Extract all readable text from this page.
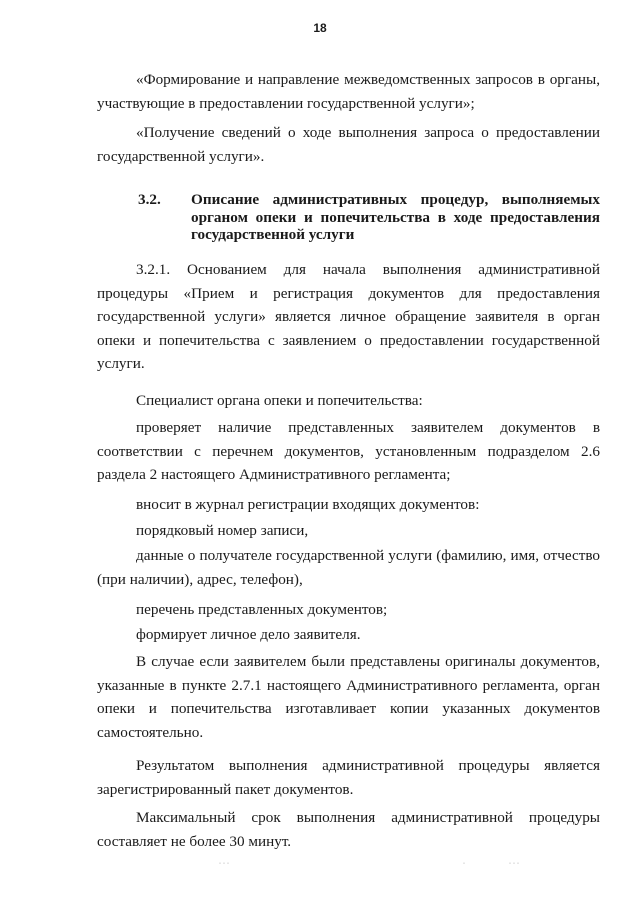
18
«Формирование и направление межведомственных запросов в органы, участвующие в предоставлении государственной услуги»;
«Получение сведений о ходе выполнения запроса о предоставлении государственной услуги».
3.2. Описание административных процедур, выполняемых органом опеки и попечительства в ходе предоставления государственной услуги
3.2.1. Основанием для начала выполнения административной процедуры «Прием и регистрация документов для предоставления государственной услуги» является личное обращение заявителя в орган опеки и попечительства с заявлением о предоставлении государственной услуги.
Специалист органа опеки и попечительства:
проверяет наличие представленных заявителем документов в соответствии с перечнем документов, установленным подразделом 2.6 раздела 2 настоящего Административного регламента;
вносит в журнал регистрации входящих документов:
порядковый номер записи,
данные о получателе государственной услуги (фамилию, имя, отчество (при наличии), адрес, телефон),
перечень представленных документов;
формирует личное дело заявителя.
В случае если заявителем были представлены оригиналы документов, указанные в пункте 2.7.1 настоящего Административного регламента, орган опеки и попечительства изготавливает копии указанных документов самостоятельно.
Результатом выполнения административной процедуры является зарегистрированный пакет документов.
Максимальный срок выполнения административной процедуры составляет не более 30 минут.
˙˙˙	˙	˙˙˙
